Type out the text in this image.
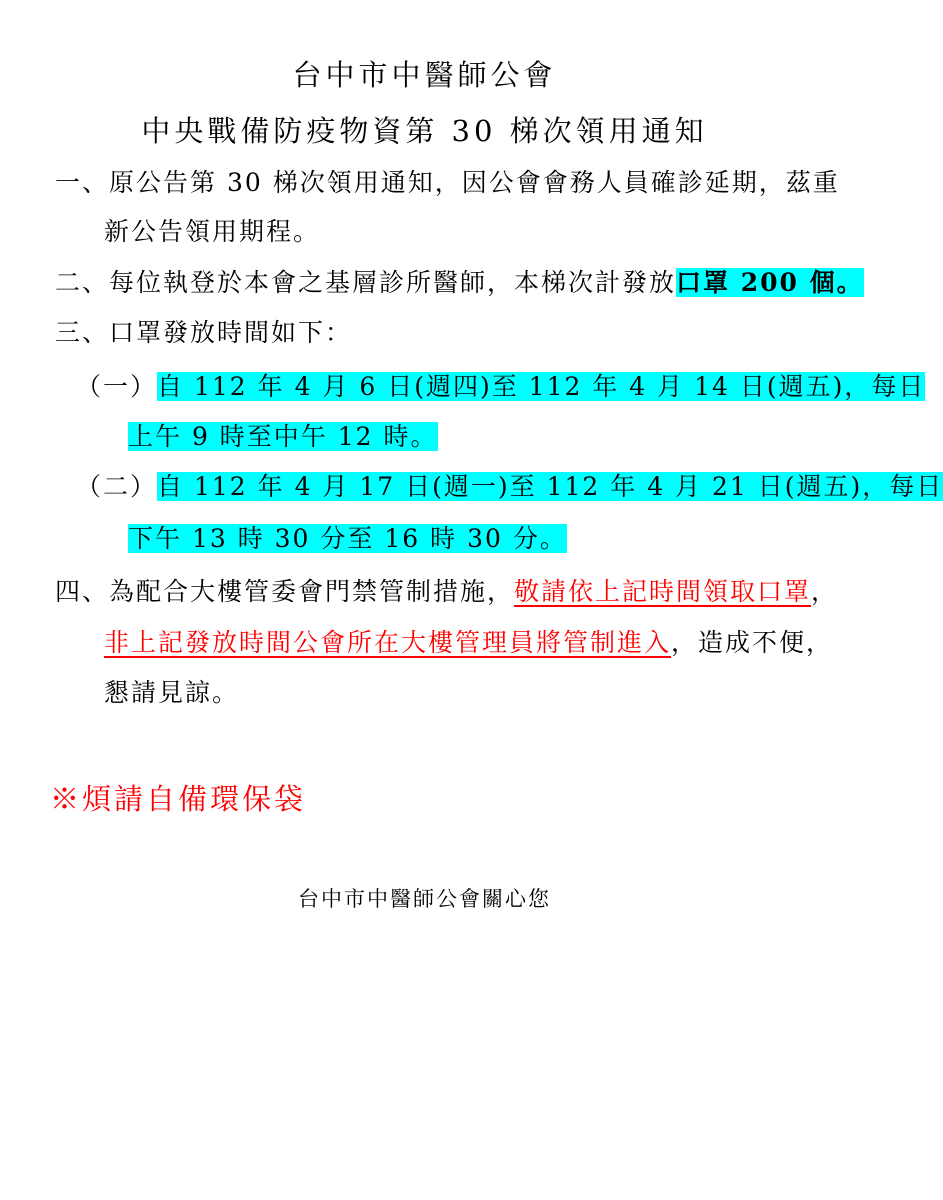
台中市中醫師公會
中央戰備防疫物資第 30 梯次領用通知
一、原公告第 30 梯次領用通知，因公會會務人員確診延期，茲重
新公告領用期程。
二、每位執登於本會之基層診所醫師，本梯次計發放口罩 200 個。
三、口罩發放時間如下：
（一）自 112 年 4 月 6 日(週四)至 112 年 4 月 14 日(週五)，每日
上午 9 時至中午 12 時。
（二）自 112 年 4 月 17 日(週一)至 112 年 4 月 21 日(週五)，每日
下午 13 時 30 分至 16 時 30 分。
四、為配合大樓管委會門禁管制措施，敬請依上記時間領取口罩，
非上記發放時間公會所在大樓管理員將管制進入，造成不便，
懇請見諒。
※煩請自備環保袋
台中市中醫師公會關心您
